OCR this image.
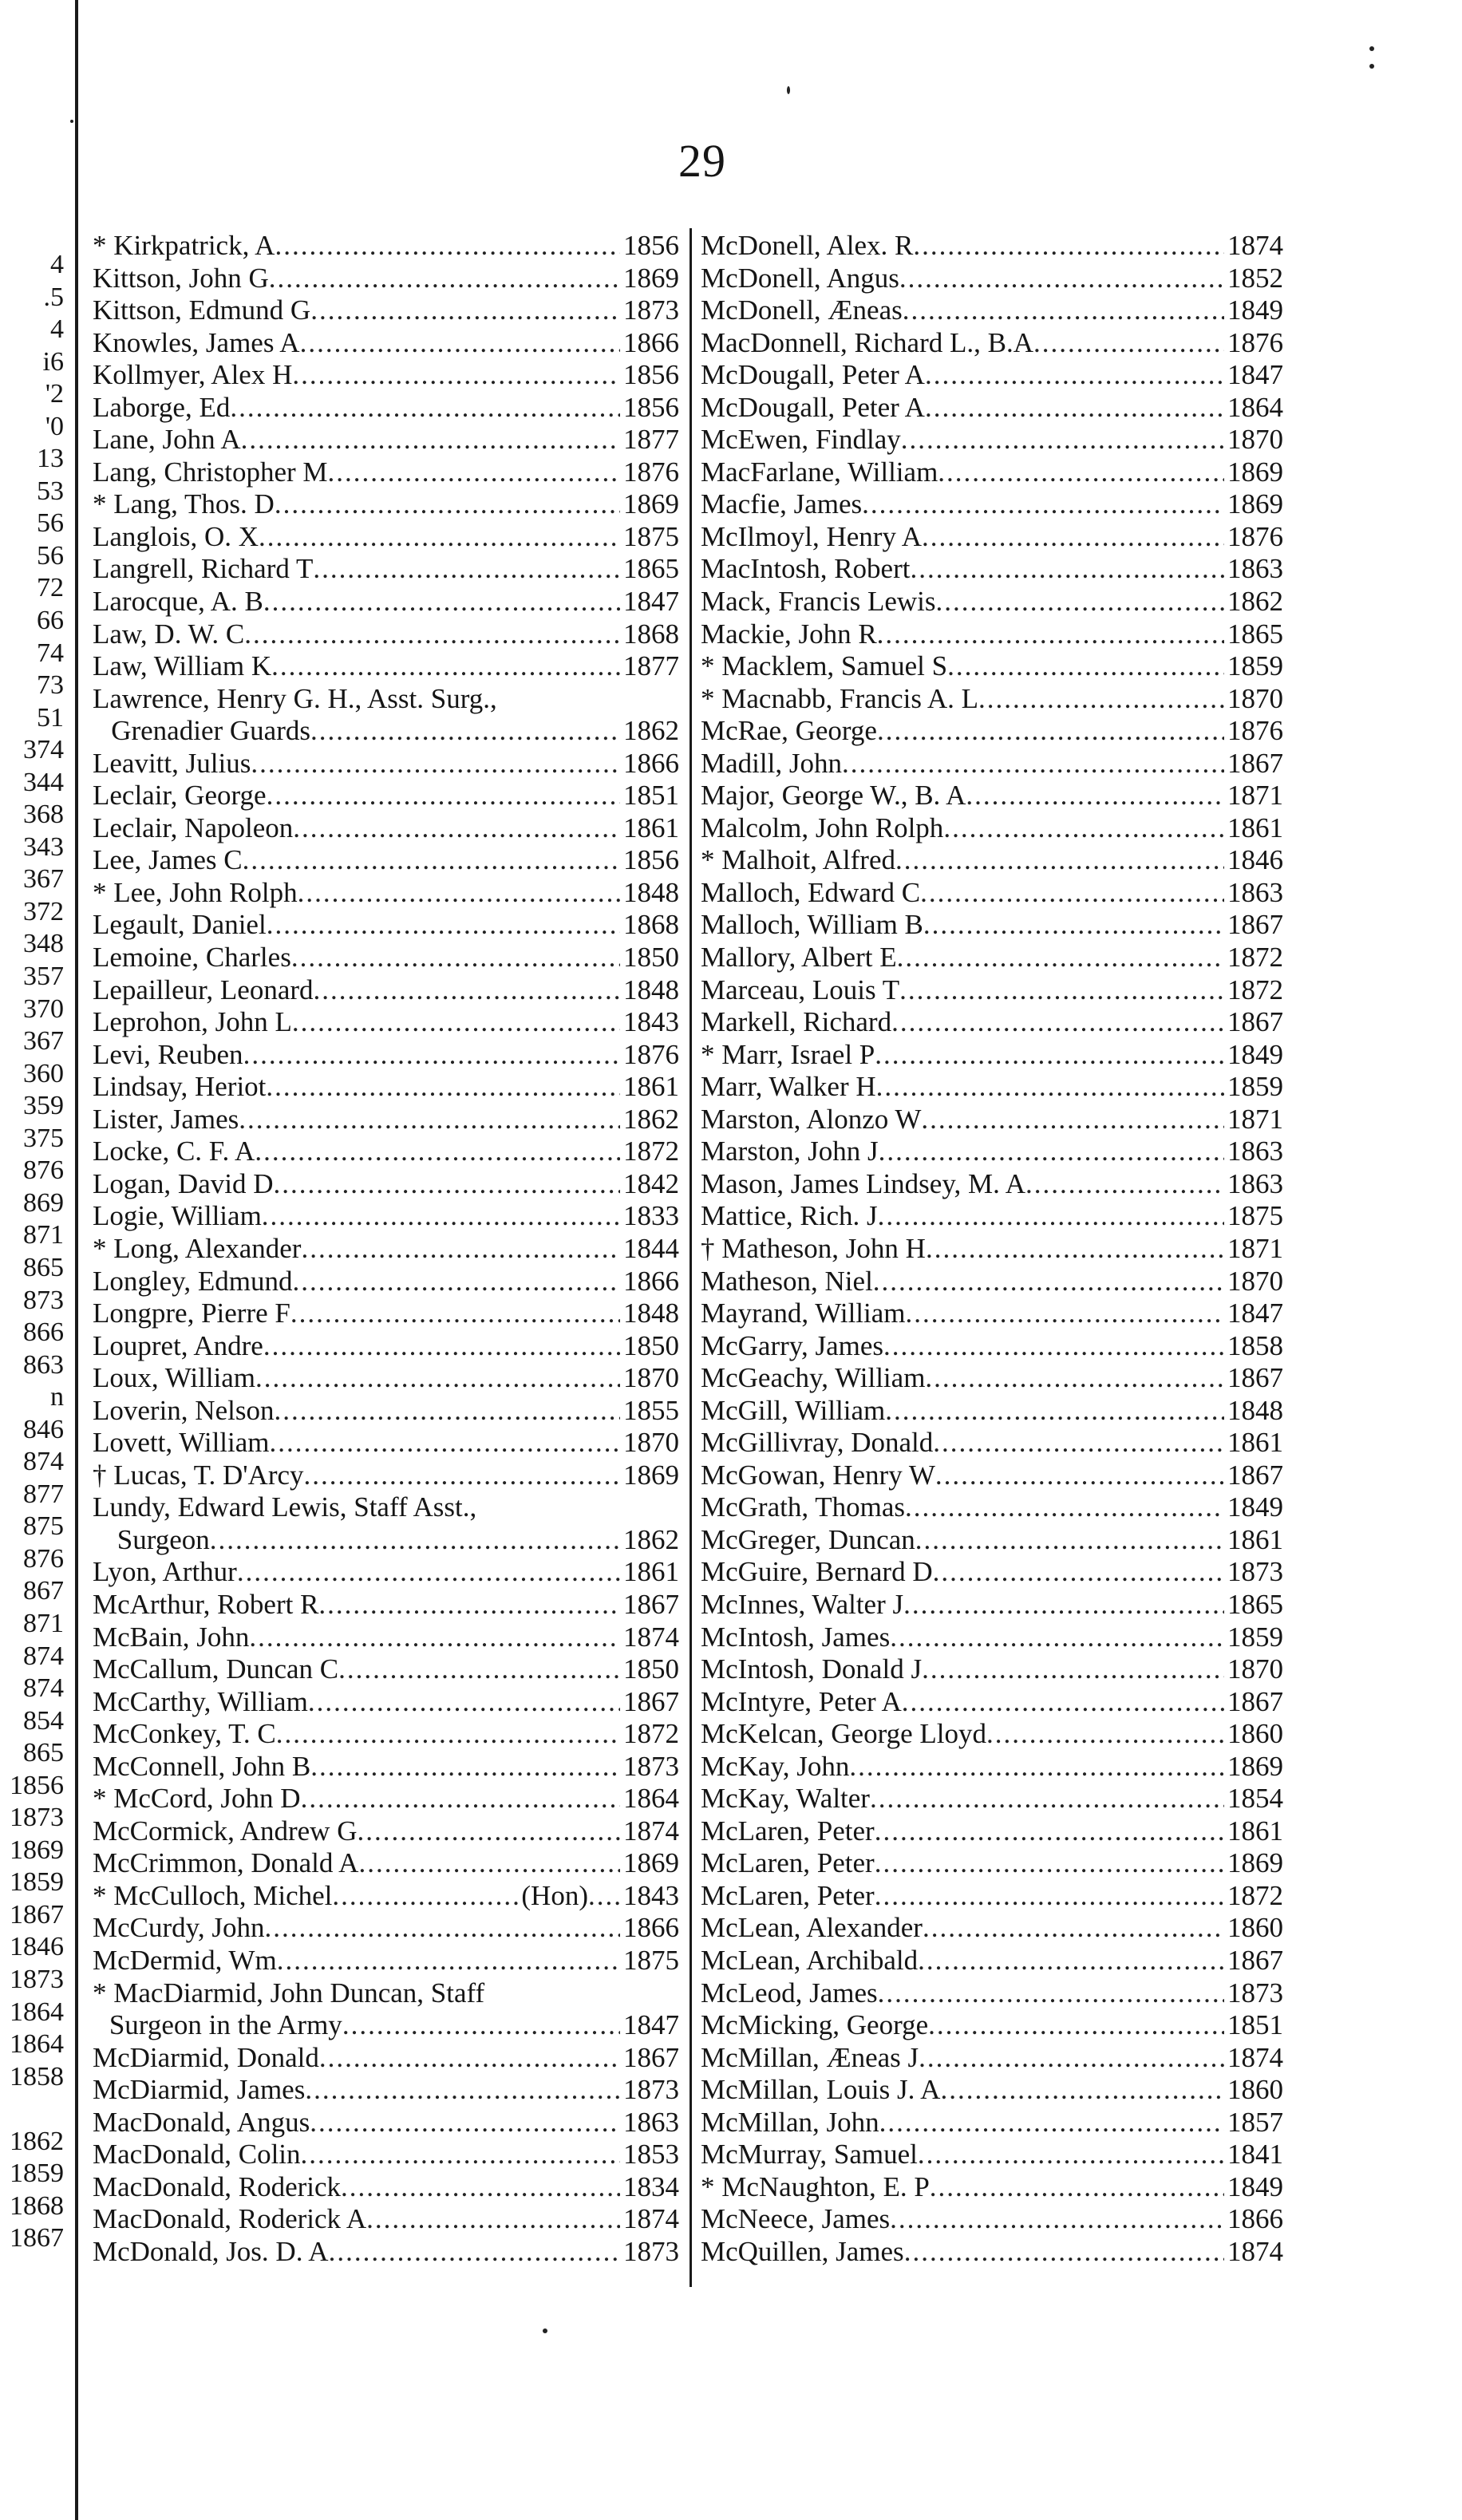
29
4
.5
4
i6
'2
'0
13
53
56
56
72
66
74
73
51
374
344
368
343
367
372
348
357
370
367
360
359
375
876
869
871
865
873
866
863
n
846
874
877
875
876
867
871
874
874
854
865
1856
1873
1869
1859
1867
1846
1873
1864
1864
1858
1862
1859
1868
1867
* Kirkpatrick, A .....	1856
Kittson, John G .....	1869
Kittson, Edmund G .....	1873
Knowles, James A .....	1866
Kollmyer, Alex H .....	1856
Laborge, Ed .....	1856
Lane, John A .....	1877
Lang, Christopher M .....	1876
* Lang, Thos. D .....	1869
Langlois, O. X .....	1875
Langrell, Richard T .....	1865
Larocque, A. B .....	1847
Law, D. W. C .....	1868
Law, William K .....	1877
Lawrence, Henry G. H., Asst. Surg.,
Grenadier Guards .....	1862
Leavitt, Julius .....	1866
Leclair, George .....	1851
Leclair, Napoleon .....	1861
Lee, James C .....	1856
* Lee, John Rolph .....	1848
Legault, Daniel .....	1868
Lemoine, Charles .....	1850
Lepailleur, Leonard .....	1848
Leprohon, John L .....	1843
Levi, Reuben .....	1876
Lindsay, Heriot .....	1861
Lister, James .....	1862
Locke, C. F. A .....	1872
Logan, David D .....	1842
Logie, William .....	1833
* Long, Alexander .....	1844
Longley, Edmund .....	1866
Longpre, Pierre F .....	1848
Loupret, Andre .....	1850
Loux, William .....	1870
Loverin, Nelson .....	1855
Lovett, William .....	1870
† Lucas, T. D'Arcy .....	1869
Lundy, Edward Lewis, Staff Asst.,
Surgeon .....	1862
Lyon, Arthur .....	1861
McArthur, Robert R .....	1867
McBain, John .....	1874
McCallum, Duncan C .....	1850
McCarthy, William .....	1867
McConkey, T. C .....	1872
McConnell, John B .....	1873
* McCord, John D .....	1864
McCormick, Andrew G .....	1874
McCrimmon, Donald A .....	1869
* McCulloch, Michel .....	(Hon) ..... 1843
McCurdy, John .....	1866
McDermid, Wm .....	1875
* MacDiarmid, John Duncan, Staff
Surgeon in the Army .....	1847
McDiarmid, Donald .....	1867
McDiarmid, James .....	1873
MacDonald, Angus .....	1863
MacDonald, Colin .....	1853
MacDonald, Roderick .....	1834
MacDonald, Roderick A .....	1874
McDonald, Jos. D. A .....	1873
McDonell, Alex. R .....	1874
McDonell, Angus .....	1852
McDonell, Æneas .....	1849
MacDonnell, Richard L., B.A .....	1876
McDougall, Peter A .....	1847
McDougall, Peter A .....	1864
McEwen, Findlay .....	1870
MacFarlane, William .....	1869
Macfie, James .....	1869
McIlmoyl, Henry A .....	1876
MacIntosh, Robert .....	1863
Mack, Francis Lewis .....	1862
Mackie, John R .....	1865
* Macklem, Samuel S .....	1859
* Macnabb, Francis A. L .....	1870
McRae, George .....	1876
Madill, John .....	1867
Major, George W., B. A .....	1871
Malcolm, John Rolph .....	1861
* Malhoit, Alfred .....	1846
Malloch, Edward C .....	1863
Malloch, William B .....	1867
Mallory, Albert E .....	1872
Marceau, Louis T .....	1872
Markell, Richard .....	1867
* Marr, Israel P .....	1849
Marr, Walker H .....	1859
Marston, Alonzo W .....	1871
Marston, John J .....	1863
Mason, James Lindsey, M. A .....	1863
Mattice, Rich. J .....	1875
† Matheson, John H .....	1871
Matheson, Niel .....	1870
Mayrand, William .....	1847
McGarry, James .....	1858
McGeachy, William .....	1867
McGill, William .....	1848
McGillivray, Donald .....	1861
McGowan, Henry W .....	1867
McGrath, Thomas .....	1849
McGreger, Duncan .....	1861
McGuire, Bernard D .....	1873
McInnes, Walter J .....	1865
McIntosh, James .....	1859
McIntosh, Donald J .....	1870
McIntyre, Peter A .....	1867
McKelcan, George Lloyd .....	1860
McKay, John .....	1869
McKay, Walter .....	1854
McLaren, Peter .....	1861
McLaren, Peter .....	1869
McLaren, Peter .....	1872
McLean, Alexander .....	1860
McLean, Archibald .....	1867
McLeod, James .....	1873
McMicking, George .....	1851
McMillan, Æneas J .....	1874
McMillan, Louis J. A .....	1860
McMillan, John .....	1857
McMurray, Samuel .....	1841
* McNaughton, E. P .....	1849
McNeece, James .....	1866
McQuillen, James .....	1874
